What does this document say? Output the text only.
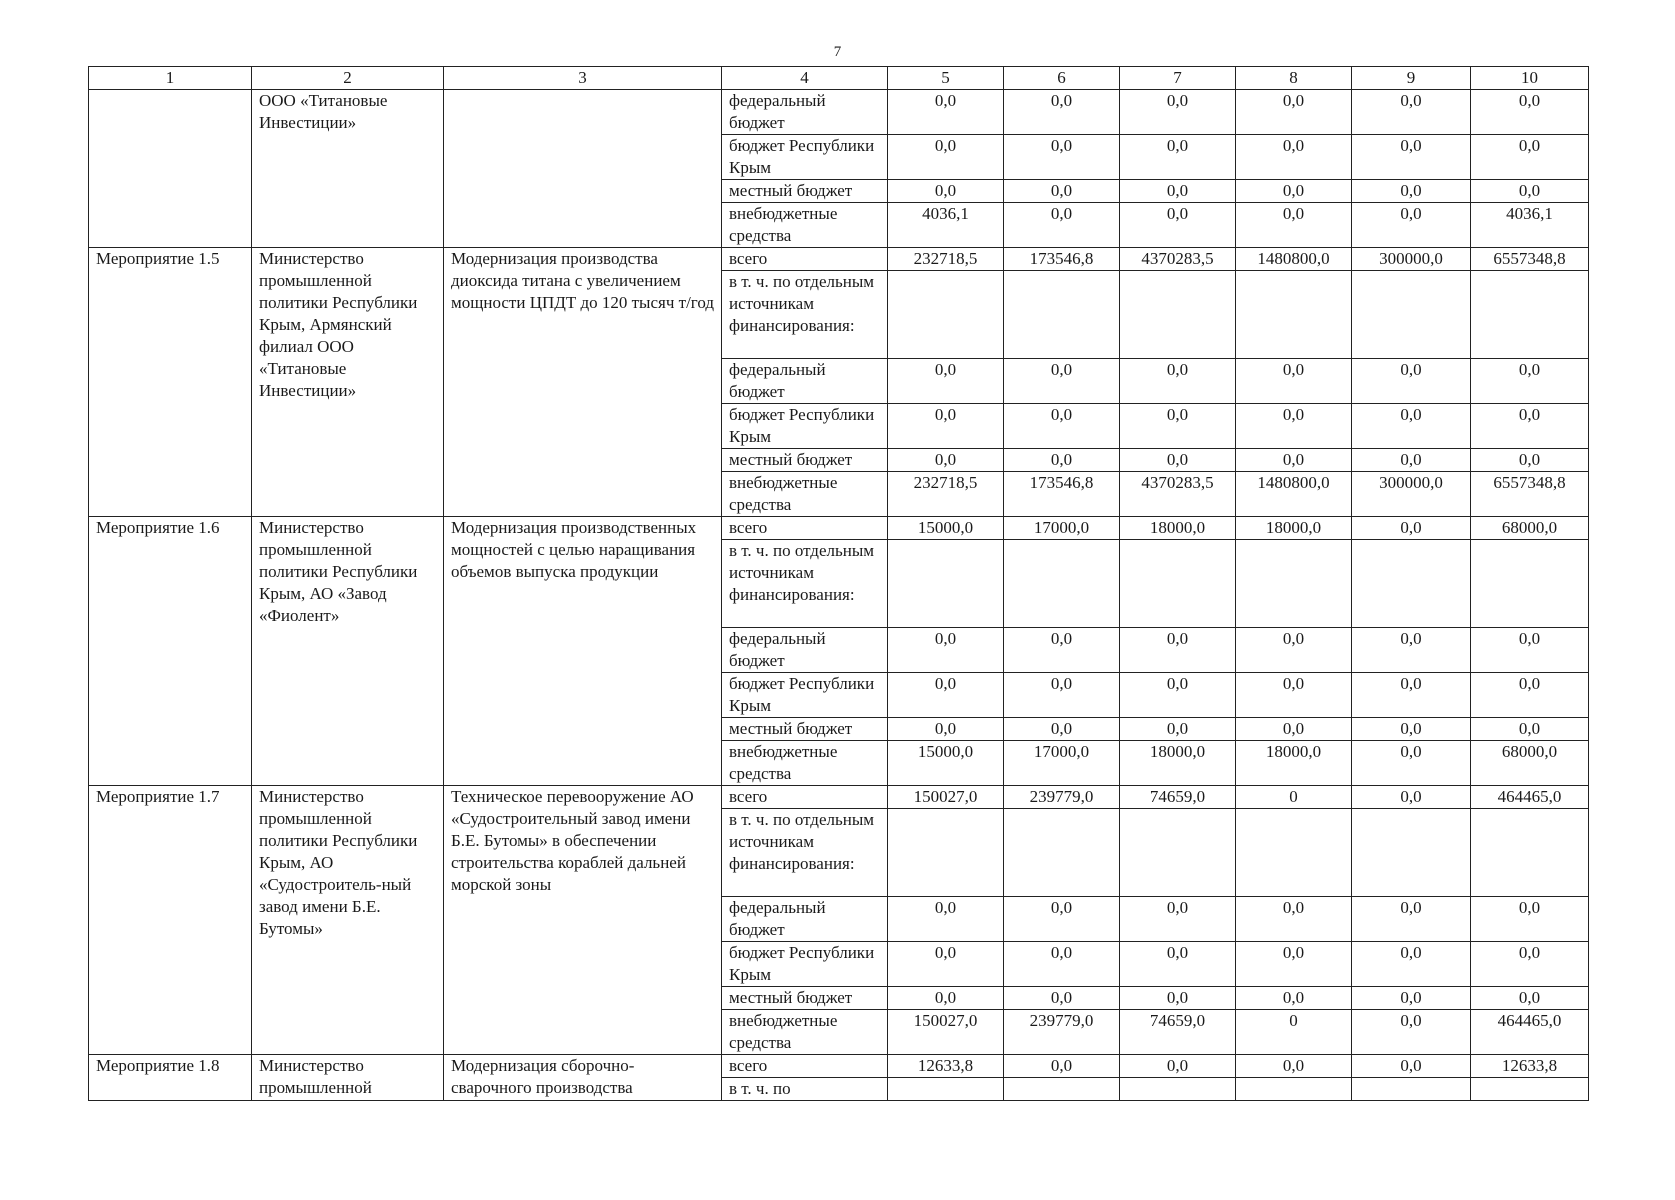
7
1	2	3	4	5	6	7	8	9	10
	ООО «Титановые Инвестиции»		федеральный бюджет	0,0	0,0	0,0	0,0	0,0	0,0
			бюджет Республики Крым	0,0	0,0	0,0	0,0	0,0	0,0
			местный бюджет	0,0	0,0	0,0	0,0	0,0	0,0
			внебюджетные средства	4036,1	0,0	0,0	0,0	0,0	4036,1
Мероприятие 1.5	Министерство промышленной политики Республики Крым, Армянский филиал ООО «Титановые Инвестиции»	Модернизация производства диоксида титана с увеличением мощности ЦПДТ до 120 тысяч т/год	всего	232718,5	173546,8	4370283,5	1480800,0	300000,0	6557348,8
			в т. ч. по отдельным источникам финансирования:						
			федеральный бюджет	0,0	0,0	0,0	0,0	0,0	0,0
			бюджет Республики Крым	0,0	0,0	0,0	0,0	0,0	0,0
			местный бюджет	0,0	0,0	0,0	0,0	0,0	0,0
			внебюджетные средства	232718,5	173546,8	4370283,5	1480800,0	300000,0	6557348,8
Мероприятие 1.6	Министерство промышленной политики Республики Крым, АО «Завод «Фиолент»	Модернизация производственных мощностей с целью наращивания объемов выпуска продукции	всего	15000,0	17000,0	18000,0	18000,0	0,0	68000,0
			в т. ч. по отдельным источникам финансирования:						
			федеральный бюджет	0,0	0,0	0,0	0,0	0,0	0,0
			бюджет Республики Крым	0,0	0,0	0,0	0,0	0,0	0,0
			местный бюджет	0,0	0,0	0,0	0,0	0,0	0,0
			внебюджетные средства	15000,0	17000,0	18000,0	18000,0	0,0	68000,0
Мероприятие 1.7	Министерство промышленной политики Республики Крым, АО «Судостроитель-ный завод имени Б.Е. Бутомы»	Техническое перевооружение АО «Судостроительный завод имени Б.Е. Бутомы» в обеспечении строительства кораблей дальней морской зоны	всего	150027,0	239779,0	74659,0	0	0,0	464465,0
			в т. ч. по отдельным источникам финансирования:						
			федеральный бюджет	0,0	0,0	0,0	0,0	0,0	0,0
			бюджет Республики Крым	0,0	0,0	0,0	0,0	0,0	0,0
			местный бюджет	0,0	0,0	0,0	0,0	0,0	0,0
			внебюджетные средства	150027,0	239779,0	74659,0	0	0,0	464465,0
Мероприятие 1.8	Министерство промышленной	Модернизация сборочно-сварочного производства	всего	12633,8	0,0	0,0	0,0	0,0	12633,8
			в т. ч. по						
